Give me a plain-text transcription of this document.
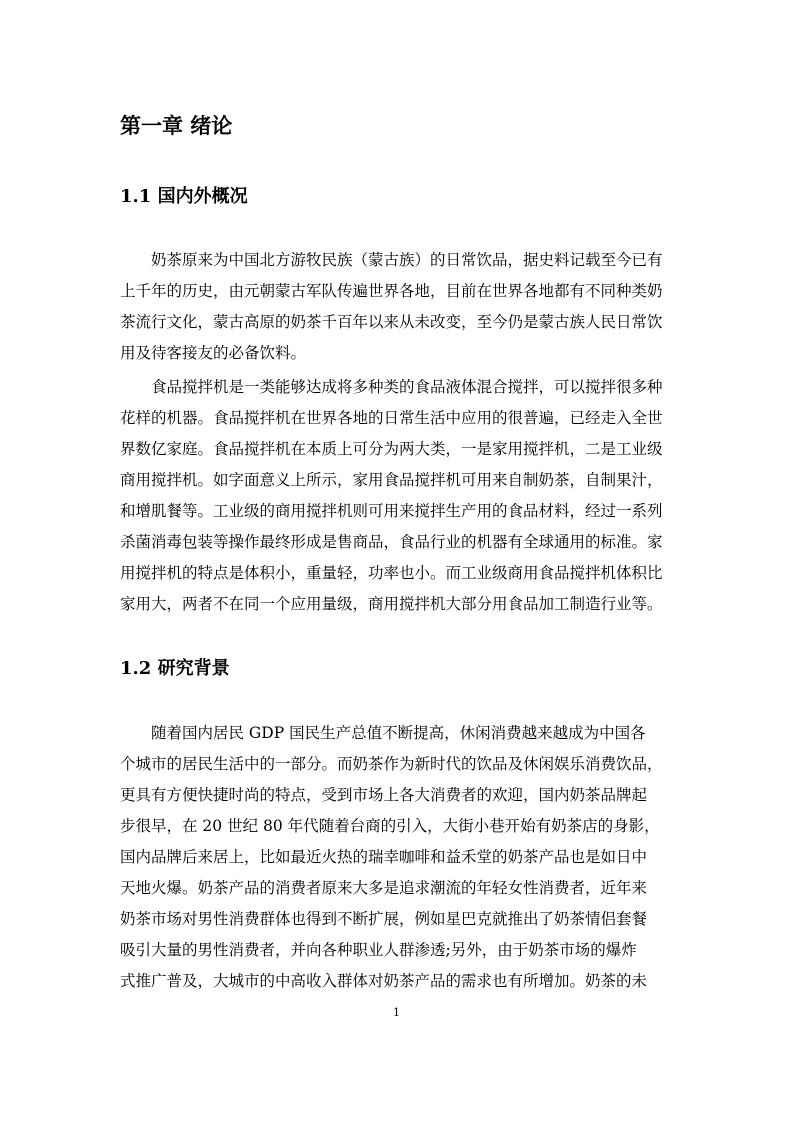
第一章 绪论
1.1 国内外概况
奶茶原来为中国北方游牧民族（蒙古族）的日常饮品，据史料记载至今已有
上千年的历史，由元朝蒙古军队传遍世界各地，目前在世界各地都有不同种类奶
茶流行文化，蒙古高原的奶茶千百年以来从未改变，至今仍是蒙古族人民日常饮
用及待客接友的必备饮料。
食品搅拌机是一类能够达成将多种类的食品液体混合搅拌，可以搅拌很多种
花样的机器。食品搅拌机在世界各地的日常生活中应用的很普遍，已经走入全世
界数亿家庭。食品搅拌机在本质上可分为两大类，一是家用搅拌机，二是工业级
商用搅拌机。如字面意义上所示，家用食品搅拌机可用来自制奶茶，自制果汁，
和增肌餐等。工业级的商用搅拌机则可用来搅拌生产用的食品材料，经过一系列
杀菌消毒包装等操作最终形成是售商品，食品行业的机器有全球通用的标准。家
用搅拌机的特点是体积小，重量轻，功率也小。而工业级商用食品搅拌机体积比
家用大，两者不在同一个应用量级，商用搅拌机大部分用食品加工制造行业等。
1.2 研究背景
随着国内居民 GDP 国民生产总值不断提高，休闲消费越来越成为中国各
个城市的居民生活中的一部分。而奶茶作为新时代的饮品及休闲娱乐消费饮品，
更具有方便快捷时尚的特点，受到市场上各大消费者的欢迎，国内奶茶品牌起
步很早，在 20 世纪 80 年代随着台商的引入，大街小巷开始有奶茶店的身影，
国内品牌后来居上，比如最近火热的瑞幸咖啡和益禾堂的奶茶产品也是如日中
天地火爆。奶茶产品的消费者原来大多是追求潮流的年轻女性消费者，近年来
奶茶市场对男性消费群体也得到不断扩展，例如星巴克就推出了奶茶情侣套餐
吸引大量的男性消费者，并向各种职业人群渗透;另外，由于奶茶市场的爆炸
式推广普及，大城市的中高收入群体对奶茶产品的需求也有所增加。奶茶的未
1
